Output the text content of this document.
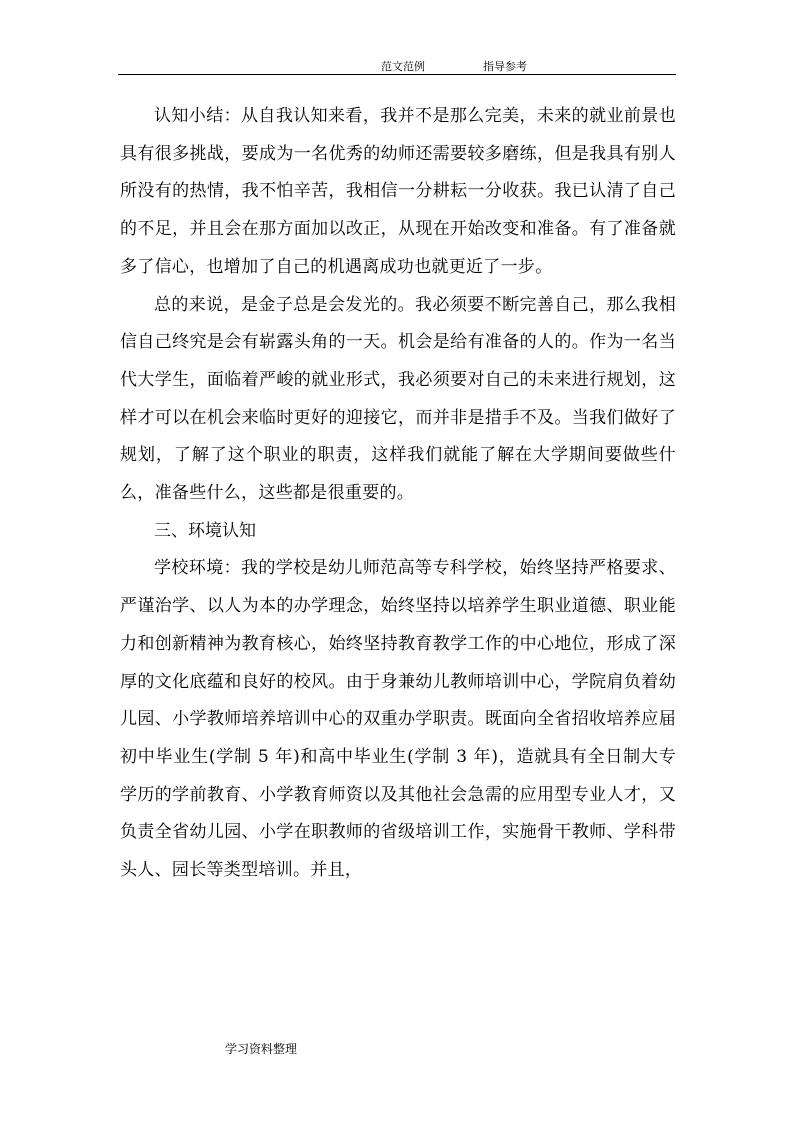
范文范例	指导参考

认知小结：从自我认知来看，我并不是那么完美，未来的就业前景也具有很多挑战，要成为一名优秀的幼师还需要较多磨练，但是我具有别人所没有的热情，我不怕辛苦，我相信一分耕耘一分收获。我已认清了自己的不足，并且会在那方面加以改正，从现在开始改变和准备。有了准备就多了信心，也增加了自己的机遇离成功也就更近了一步。

总的来说，是金子总是会发光的。我必须要不断完善自己，那么我相信自己终究是会有崭露头角的一天。机会是给有准备的人的。作为一名当代大学生，面临着严峻的就业形式，我必须要对自己的未来进行规划，这样才可以在机会来临时更好的迎接它，而并非是措手不及。当我们做好了规划，了解了这个职业的职责，这样我们就能了解在大学期间要做些什么，准备些什么，这些都是很重要的。

三、环境认知

学校环境：我的学校是幼儿师范高等专科学校，始终坚持严格要求、严谨治学、以人为本的办学理念，始终坚持以培养学生职业道德、职业能力和创新精神为教育核心，始终坚持教育教学工作的中心地位，形成了深厚的文化底蕴和良好的校风。由于身兼幼儿教师培训中心，学院肩负着幼儿园、小学教师培养培训中心的双重办学职责。既面向全省招收培养应届初中毕业生(学制 5 年)和高中毕业生(学制 3 年)，造就具有全日制大专学历的学前教育、小学教育师资以及其他社会急需的应用型专业人才，又负责全省幼儿园、小学在职教师的省级培训工作，实施骨干教师、学科带头人、园长等类型培训。并且，

学习资料整理
